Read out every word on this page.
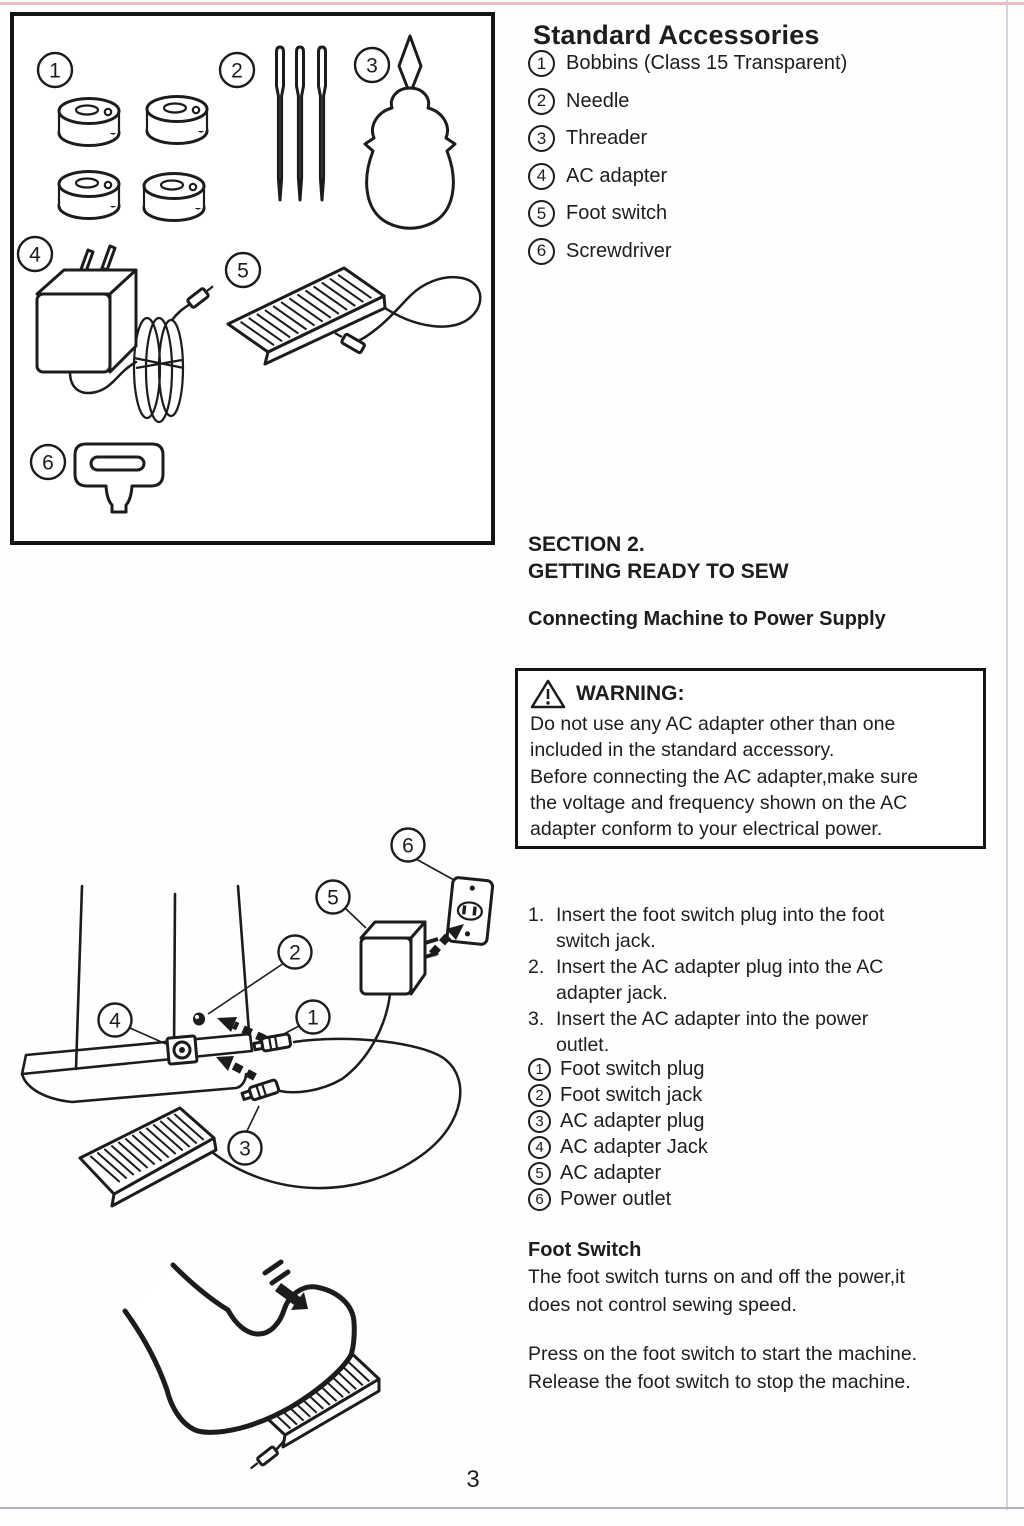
1	2	3
4
5
6
Standard Accessories
1 Bobbins (Class 15 Transparent)
2 Needle
3 Threader
4 AC adapter
5 Foot switch
6 Screwdriver
SECTION 2.
GETTING READY TO SEW
Connecting Machine to Power Supply
WARNING:
Do not use any AC adapter other than one
included in the standard accessory.
Before connecting the AC adapter,make sure
the voltage and frequency shown on the AC
adapter conform to your electrical power.
1. Insert the foot switch plug into the foot
switch jack.
2. Insert the AC adapter plug into the AC
adapter jack.
3. Insert the AC adapter into the power
outlet.
1 Foot switch plug
2 Foot switch jack
3 AC adapter plug
4 AC adapter Jack
5 AC adapter
6 Power outlet
Foot Switch
The foot switch turns on and off the power,it
does not control sewing speed.
Press on the foot switch to start the machine.
Release the foot switch to stop the machine.
6
5
2
1
4
3
3
